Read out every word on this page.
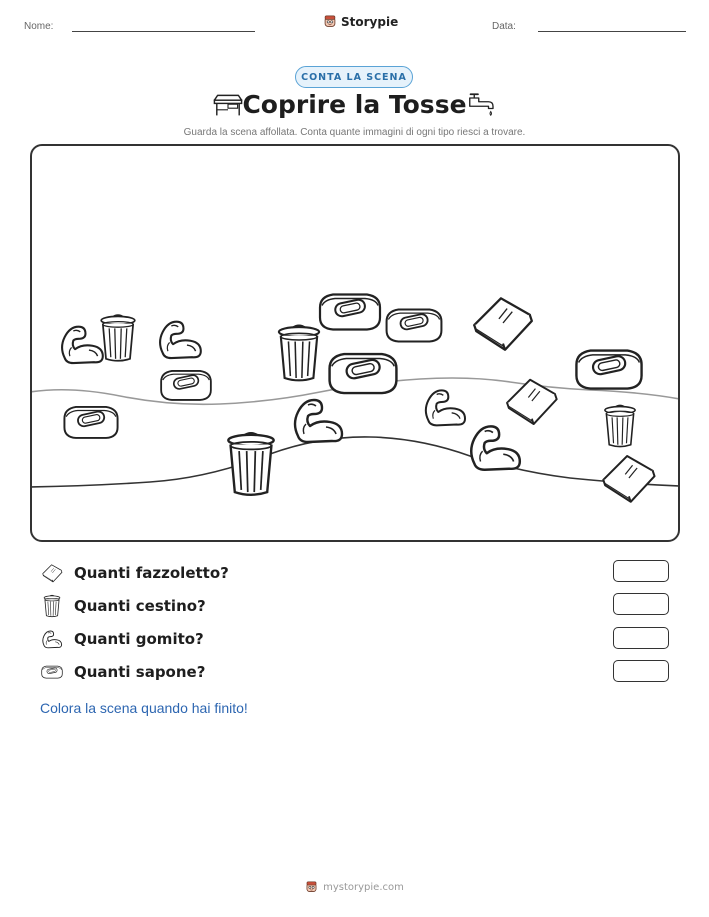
Nome:	Storypie	Data:
CONTA LA SCENA
Coprire la Tosse
Guarda la scena affollata. Conta quante immagini di ogni tipo riesci a trovare.
Quanti fazzoletto?
Quanti cestino?
Quanti gomito?
Quanti sapone?
Colora la scena quando hai finito!
mystorypie.com
